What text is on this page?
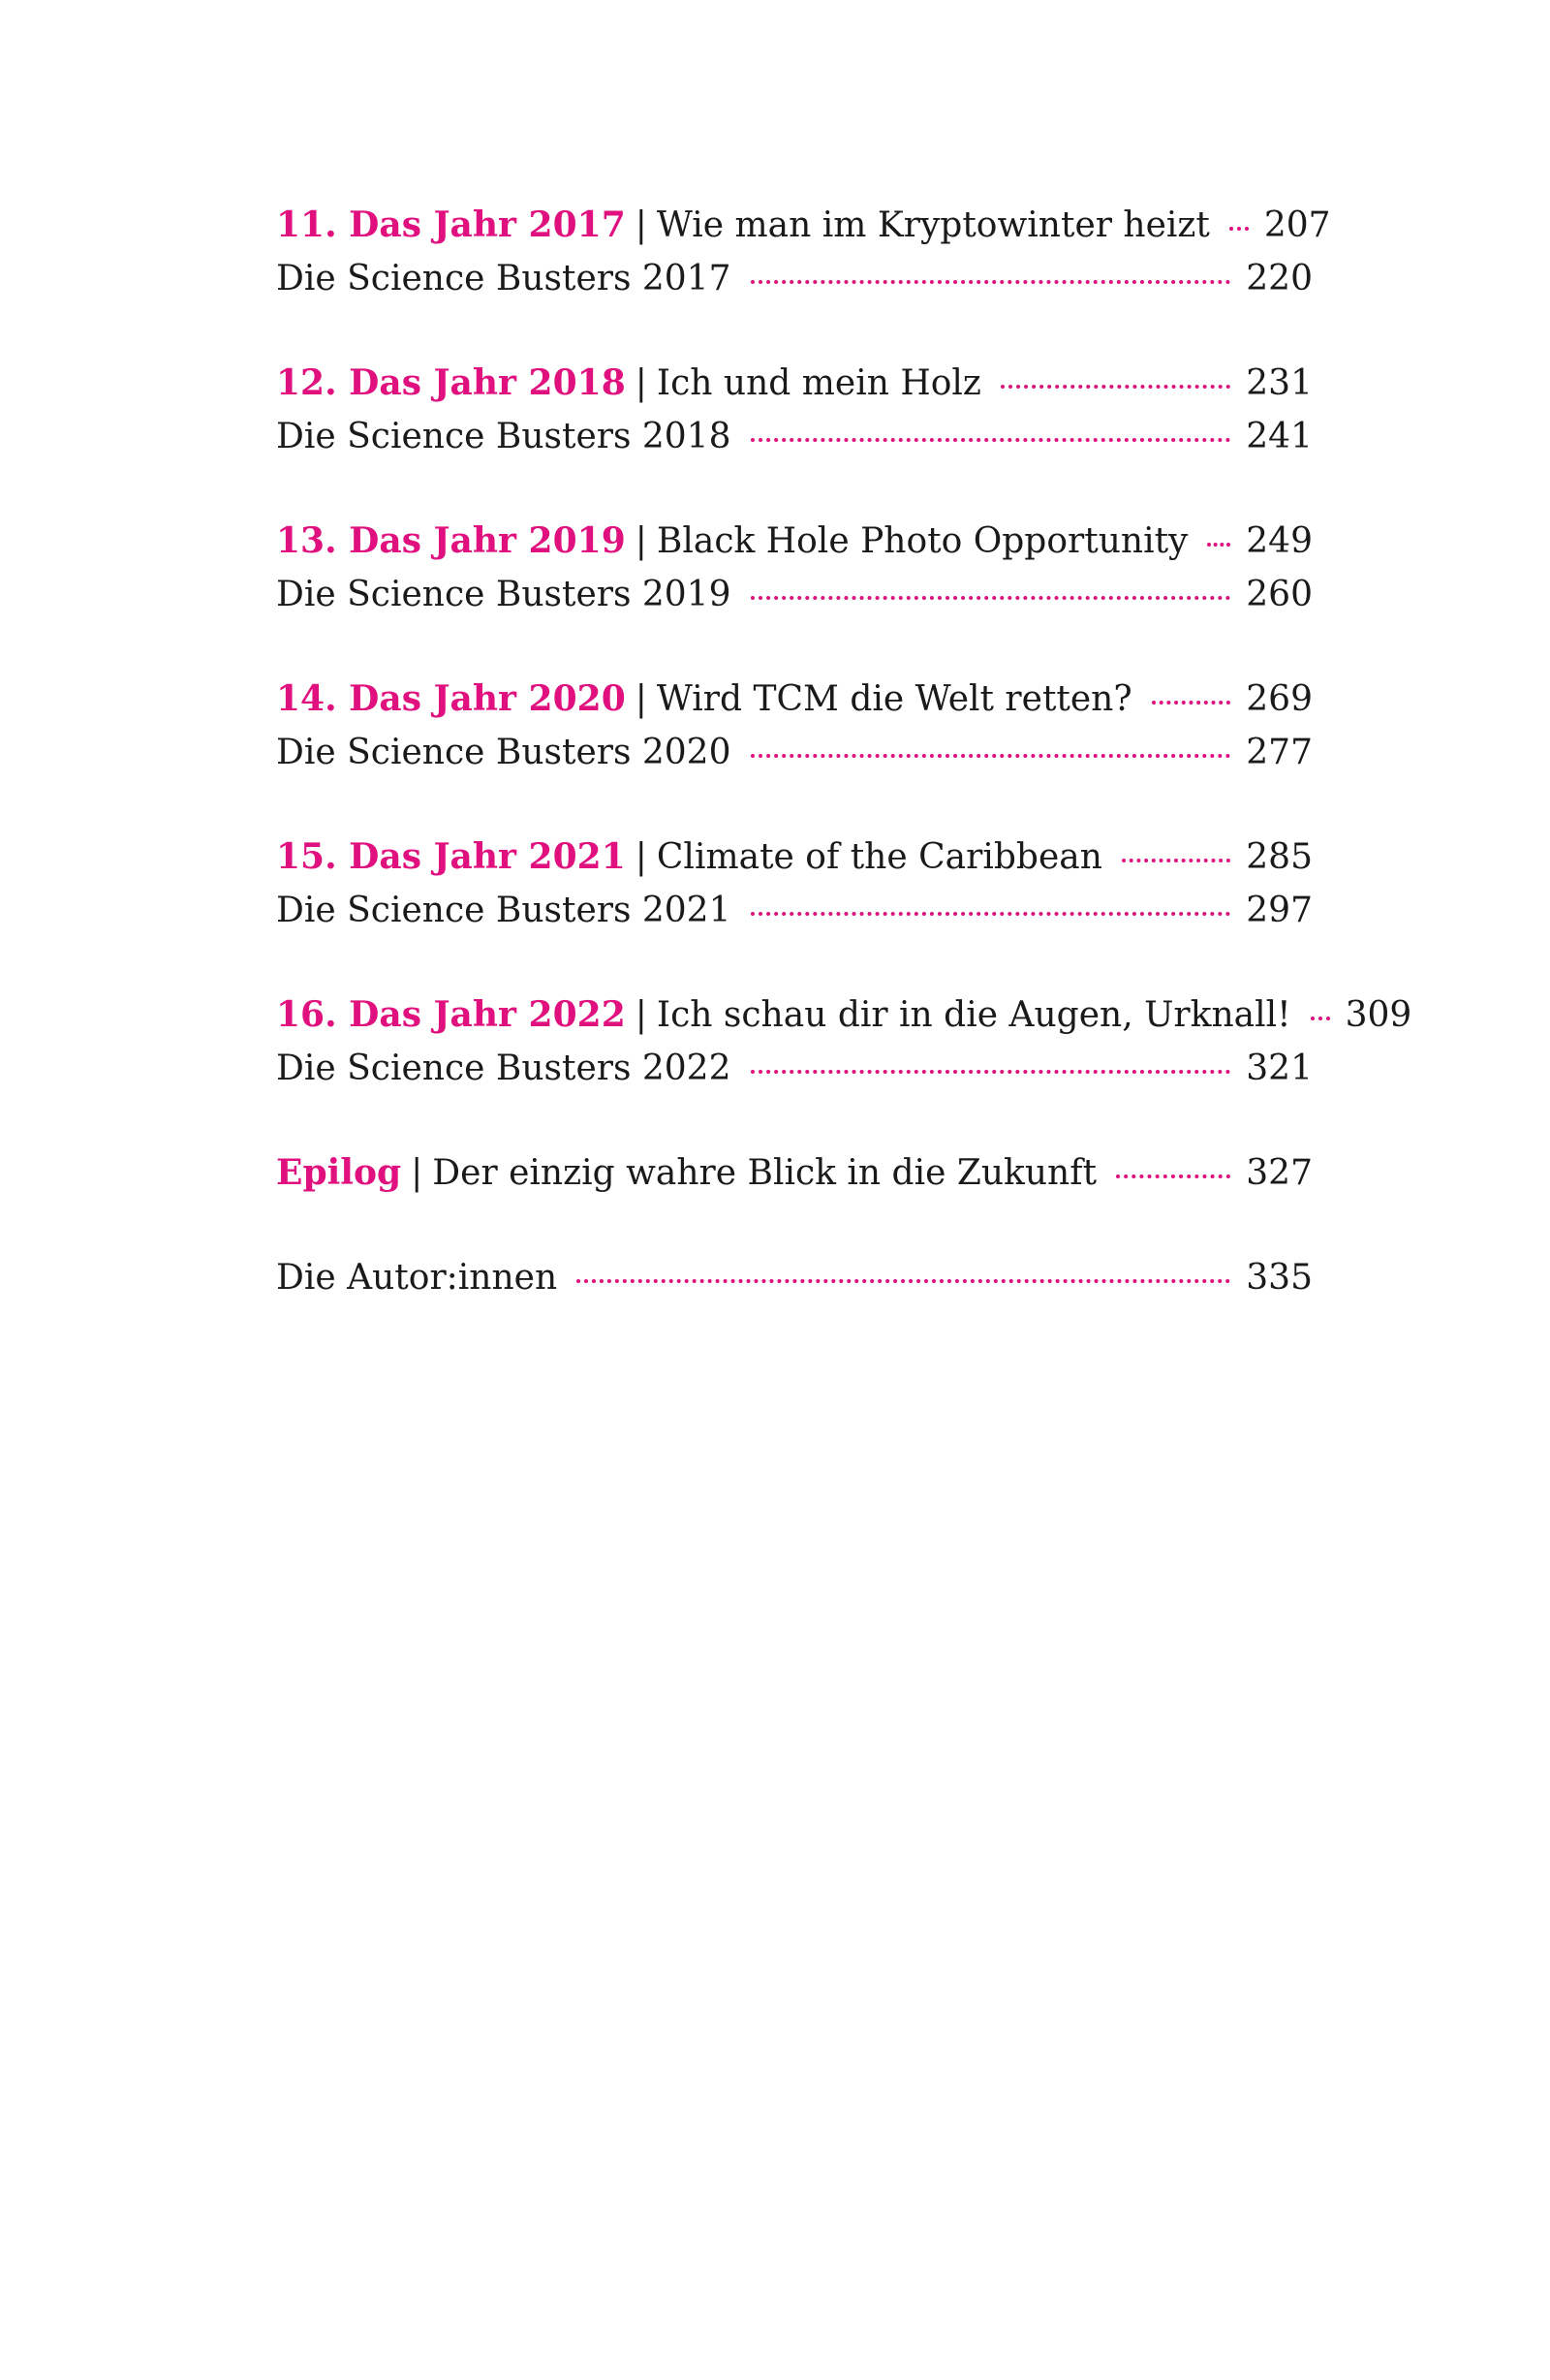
11. Das Jahr 2017 | Wie man im Kryptowinter heizt 207
Die Science Busters 2017	220
12. Das Jahr 2018 | Ich und mein Holz	231
Die Science Busters 2018	241
13. Das Jahr 2019 | Black Hole Photo Opportunity 249
Die Science Busters 2019	260
14. Das Jahr 2020 | Wird TCM die Welt retten?	269
Die Science Busters 2020	277
15. Das Jahr 2021 | Climate of the Caribbean	285
Die Science Busters 2021	297
16. Das Jahr 2022 | Ich schau dir in die Augen, Urknall! 309
Die Science Busters 2022	321
Epilog | Der einzig wahre Blick in die Zukunft	327
Die Autor:innen	335
